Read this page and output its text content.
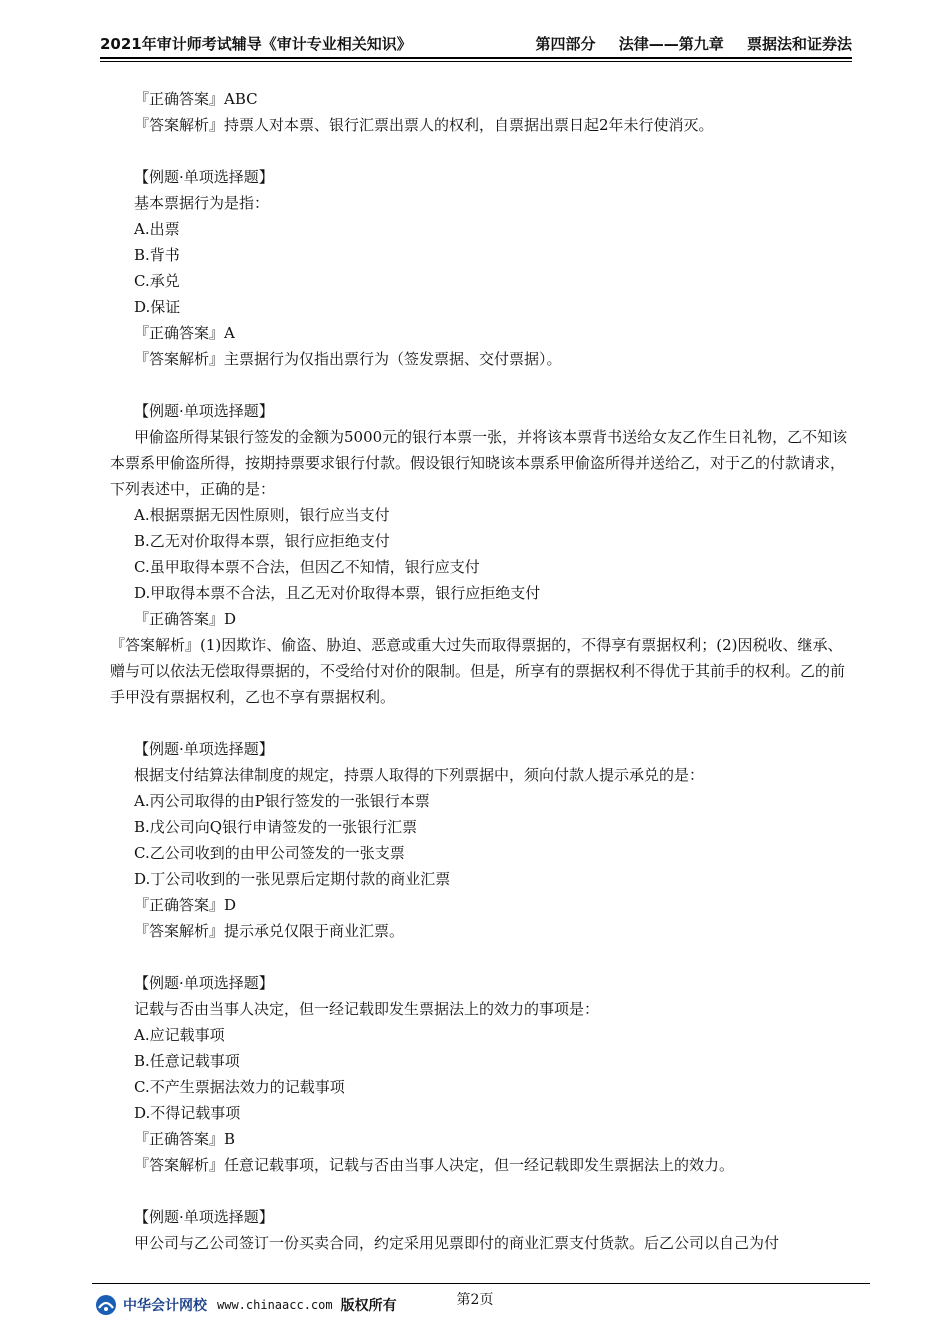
2021年审计师考试辅导《审计专业相关知识》	第四部分 法律——第九章 票据法和证券法
『正确答案』ABC
『答案解析』持票人对本票、银行汇票出票人的权利，自票据出票日起2年未行使消灭。
【例题·单项选择题】
基本票据行为是指：
A.出票
B.背书
C.承兑
D.保证
『正确答案』A
『答案解析』主票据行为仅指出票行为（签发票据、交付票据）。
【例题·单项选择题】
甲偷盗所得某银行签发的金额为5000元的银行本票一张，并将该本票背书送给女友乙作生日礼物，乙不知该本票系甲偷盗所得，按期持票要求银行付款。假设银行知晓该本票系甲偷盗所得并送给乙，对于乙的付款请求，下列表述中，正确的是：
A.根据票据无因性原则，银行应当支付
B.乙无对价取得本票，银行应拒绝支付
C.虽甲取得本票不合法，但因乙不知情，银行应支付
D.甲取得本票不合法，且乙无对价取得本票，银行应拒绝支付
『正确答案』D
『答案解析』(1)因欺诈、偷盗、胁迫、恶意或重大过失而取得票据的，不得享有票据权利；(2)因税收、继承、赠与可以依法无偿取得票据的，不受给付对价的限制。但是，所享有的票据权利不得优于其前手的权利。乙的前手甲没有票据权利，乙也不享有票据权利。
【例题·单项选择题】
根据支付结算法律制度的规定，持票人取得的下列票据中，须向付款人提示承兑的是：
A.丙公司取得的由P银行签发的一张银行本票
B.戊公司向Q银行申请签发的一张银行汇票
C.乙公司收到的由甲公司签发的一张支票
D.丁公司收到的一张见票后定期付款的商业汇票
『正确答案』D
『答案解析』提示承兑仅限于商业汇票。
【例题·单项选择题】
记载与否由当事人决定，但一经记载即发生票据法上的效力的事项是：
A.应记载事项
B.任意记载事项
C.不产生票据法效力的记载事项
D.不得记载事项
『正确答案』B
『答案解析』任意记载事项，记载与否由当事人决定，但一经记载即发生票据法上的效力。
【例题·单项选择题】
甲公司与乙公司签订一份买卖合同，约定采用见票即付的商业汇票支付货款。后乙公司以自己为付
第2页
中华会计网校 www.chinaacc.com 版权所有
